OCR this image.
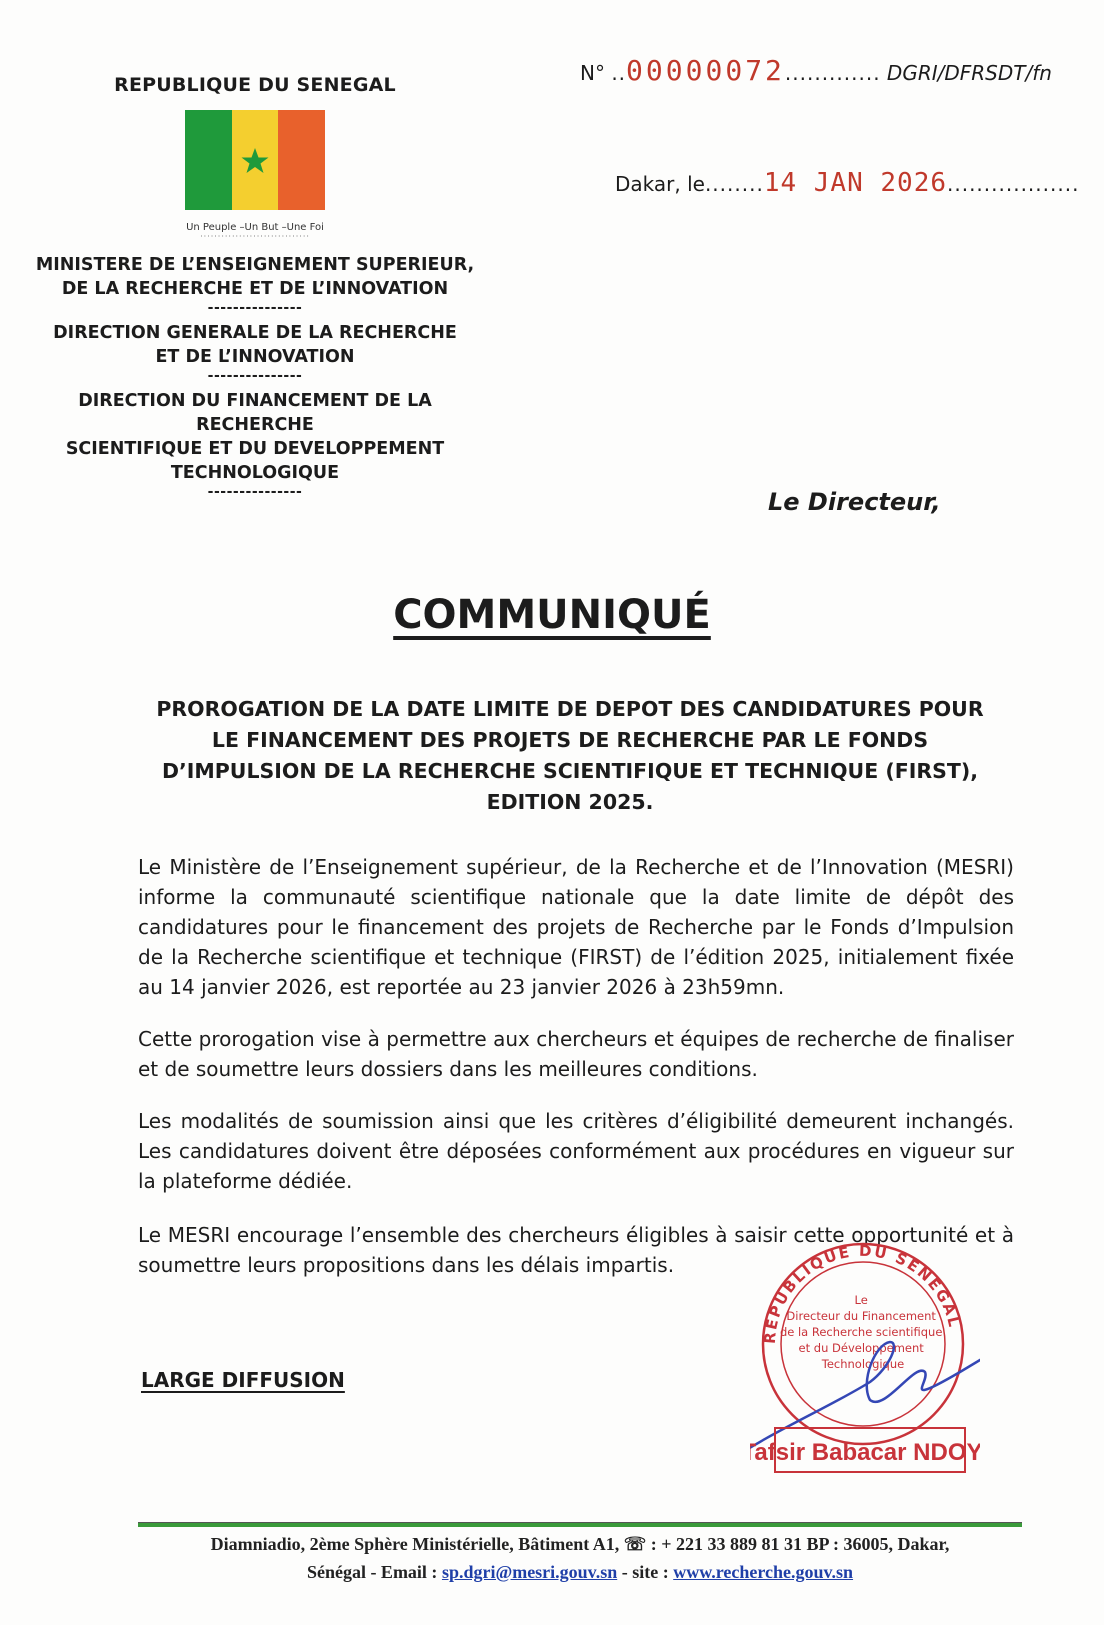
REPUBLIQUE DU SENEGAL
Un Peuple –Un But –Une Foi
·······························
MINISTERE DE L’ENSEIGNEMENT SUPERIEUR,
DE LA RECHERCHE ET DE L’INNOVATION
---------------
DIRECTION GENERALE DE LA RECHERCHE
ET DE L’INNOVATION
---------------
DIRECTION DU FINANCEMENT DE LA RECHERCHE
SCIENTIFIQUE ET DU DEVELOPPEMENT
TECHNOLOGIQUE
---------------
N° ..00000072............. DGRI/DFRSDT/fn
Dakar, le........14 JAN 2026..................
Le Directeur,
COMMUNIQUÉ
PROROGATION DE LA DATE LIMITE DE DEPOT DES CANDIDATURES POUR LE FINANCEMENT DES PROJETS DE RECHERCHE PAR LE FONDS D’IMPULSION DE LA RECHERCHE SCIENTIFIQUE ET TECHNIQUE (FIRST), EDITION 2025.
Le Ministère de l’Enseignement supérieur, de la Recherche et de l’Innovation (MESRI) informe la communauté scientifique nationale que la date limite de dépôt des candidatures pour le financement des projets de Recherche par le Fonds d’Impulsion de la Recherche scientifique et technique (FIRST) de l’édition 2025, initialement fixée au 14 janvier 2026, est reportée au 23 janvier 2026 à 23h59mn.
Cette prorogation vise à permettre aux chercheurs et équipes de recherche de finaliser et de soumettre leurs dossiers dans les meilleures conditions.
Les modalités de soumission ainsi que les critères d’éligibilité demeurent inchangés. Les candidatures doivent être déposées conformément aux procédures en vigueur sur la plateforme dédiée.
Le MESRI encourage l’ensemble des chercheurs éligibles à saisir cette opportunité et à soumettre leurs propositions dans les délais impartis.
LARGE DIFFUSION
REPUBLIQUE DU SENEGAL
Le Directeur du Financement de la Recherche scientifique et du Développement Technologique
afsir Babacar NDOY
Diamniadio, 2ème Sphère Ministérielle, Bâtiment A1, ☏ : + 221 33 889 81 31 BP : 36005, Dakar,
Sénégal - Email : sp.dgri@mesri.gouv.sn - site : www.recherche.gouv.sn
